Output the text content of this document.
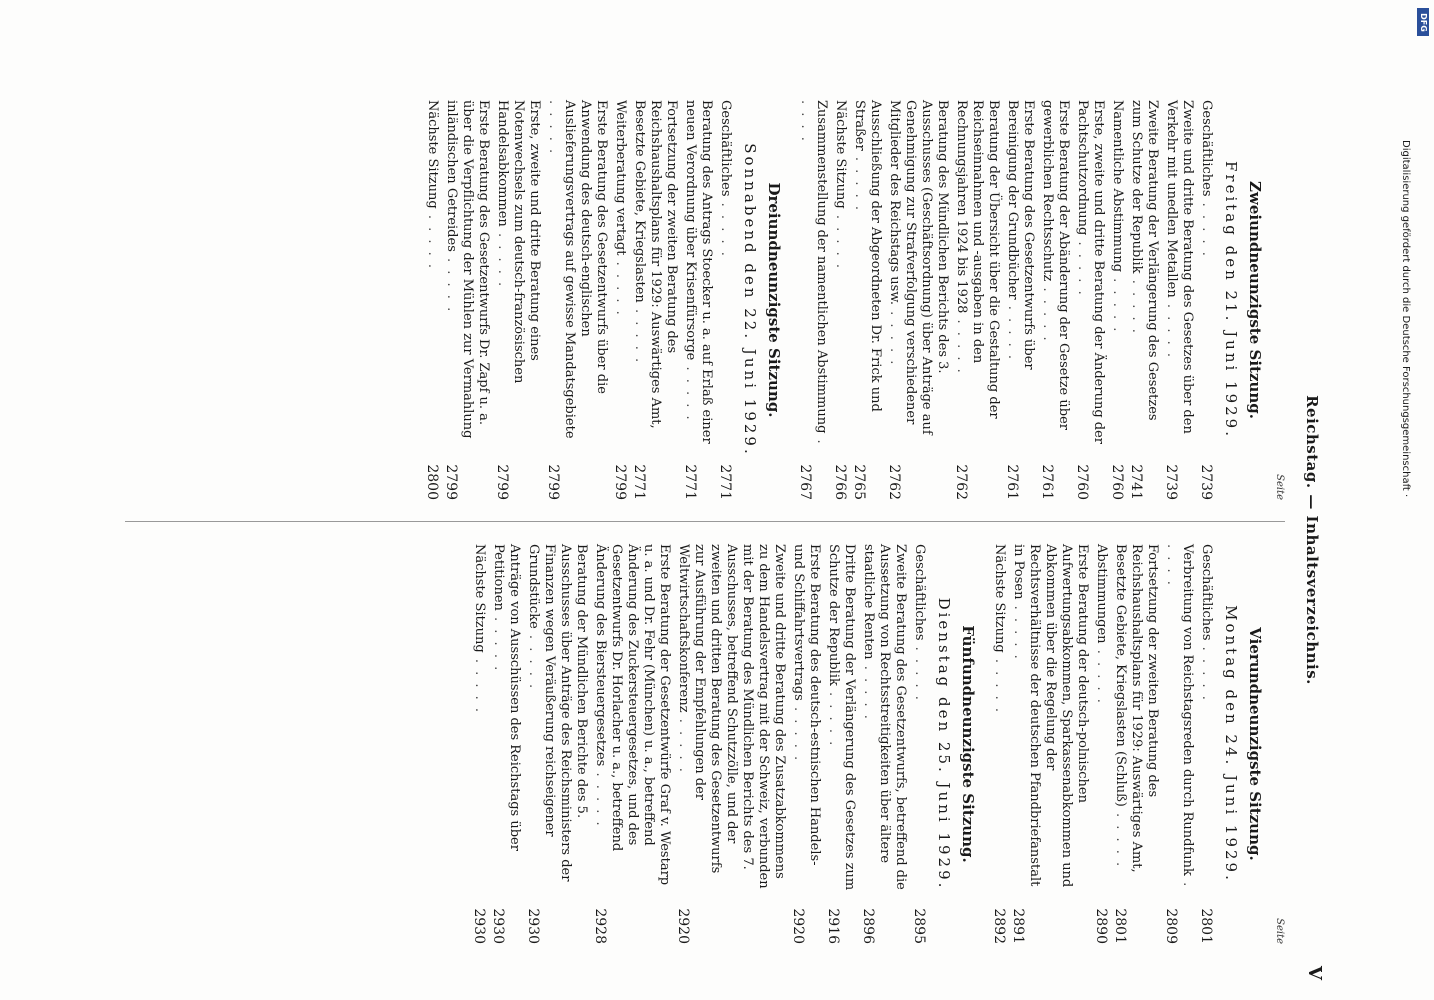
Reichstag. — Inhaltsverzeichnis.
V
Seite
Zweiundneunzigste Sitzung.
Freitag den 21. Juni 1929.
Geschäftliches . . . . .
2739
Zweite und dritte Beratung des Gesetzes über den Verkehr mit unedlen Metallen . . . . .
2739
Zweite Beratung der Verlängerung des Gesetzes zum Schutze der Republik . . . . .
2741
Namentliche Abstimmung . . . . .
2760
Erste, zweite und dritte Beratung der Änderung der Pachtschutzordnung . . . . .
2760
Erste Beratung der Abänderung der Gesetze über gewerblichen Rechtsschutz . . . . .
2761
Erste Beratung des Gesetzentwurfs über Bereinigung der Grundbücher . . . . .
2761
Beratung der Übersicht über die Gestaltung der Reichseinnahmen und -ausgaben in den Rechnungsjahren 1924 bis 1928 . . . . .
2762
Beratung des Mündlichen Berichts des 3. Ausschusses (Geschäftsordnung) über Anträge auf Genehmigung zur Strafverfolgung verschiedener Mitglieder des Reichstags usw. . . . . .
2762
Ausschließung der Abgeordneten Dr. Frick und Straßer . . . . .
2765
Nächste Sitzung . . . . .
2766
Zusammenstellung der namentlichen Abstimmung . . . . .
2767
Dreiundneunzigste Sitzung.
Sonnabend den 22. Juni 1929.
Geschäftliches . . . . .
2771
Beratung des Antrags Stoecker u. a. auf Erlaß einer neuen Verordnung über Krisenfürsorge . . . . .
2771
Fortsetzung der zweiten Beratung des Reichshaushaltsplans für 1929: Auswärtiges Amt, Besetzte Gebiete, Kriegslasten . . . . .
2771
Weiterberatung vertagt . . . . .
2799
Erste Beratung des Gesetzentwurfs über die Anwendung des deutsch-englischen Auslieferungsvertrags auf gewisse Mandatsgebiete . . . . .
2799
Erste, zweite und dritte Beratung eines Notenwechsels zum deutsch-französischen Handelsabkommen . . . . .
2799
Erste Beratung des Gesetzentwurfs Dr. Zapf u. a. über die Verpflichtung der Mühlen zur Vermahlung inländischen Getreides . . . . .
2799
Nächste Sitzung . . . . .
2800
Seite
Vierundneunzigste Sitzung.
Montag den 24. Juni 1929.
Geschäftliches . . . . .
2801
Verbreitung von Reichstagsreden durch Rundfunk . . . . .
2809
Fortsetzung der zweiten Beratung des Reichshaushaltsplans für 1929: Auswärtiges Amt, Besetzte Gebiete, Kriegslasten (Schluß) . . . . .
2801
Abstimmungen . . . . .
2890
Erste Beratung der deutsch-polnischen Aufwertungsabkommen, Sparkassenabkommen und Abkommen über die Regelung der Rechtsverhältnisse der deutschen Pfandbriefanstalt in Posen . . . . .
2891
Nächste Sitzung . . . . .
2892
Fünfundneunzigste Sitzung.
Dienstag den 25. Juni 1929.
Geschäftliches . . . . .
2895
Zweite Beratung des Gesetzentwurfs, betreffend die Aussetzung von Rechtsstreitigkeiten über ältere staatliche Renten . . . . .
2896
Dritte Beratung der Verlängerung des Gesetzes zum Schutze der Republik . . . . .
2916
Erste Beratung des deutsch-estnischen Handels- und Schiffahrtsvertrags . . . . .
2920
Zweite und dritte Beratung des Zusatzabkommens zu dem Handelsvertrag mit der Schweiz, verbunden mit der Beratung des Mündlichen Berichts des 7. Ausschusses, betreffend Schutzzölle, und der zweiten und dritten Beratung des Gesetzentwurfs zur Ausführung der Empfehlungen der Weltwirtschaftskonferenz . . . . .
2920
Erste Beratung der Gesetzentwürfe Graf v. Westarp u. a. und Dr. Fehr (München) u. a., betreffend Änderung des Zuckersteuergesetzes, und des Gesetzentwurfs Dr. Horlacher u. a., betreffend Änderung des Biersteuergesetzes . . . . .
2928
Beratung der Mündlichen Berichte des 5. Ausschusses über Anträge des Reichsministers der Finanzen wegen Veräußerung reichseigener Grundstücke . . . . .
2930
Anträge von Ausschüssen des Reichstags über Petitionen . . . . .
2930
Nächste Sitzung . . . . .
2930
Digitalisierung gefördert durch die Deutsche Forschungsgemeinschaft ·
DFG
